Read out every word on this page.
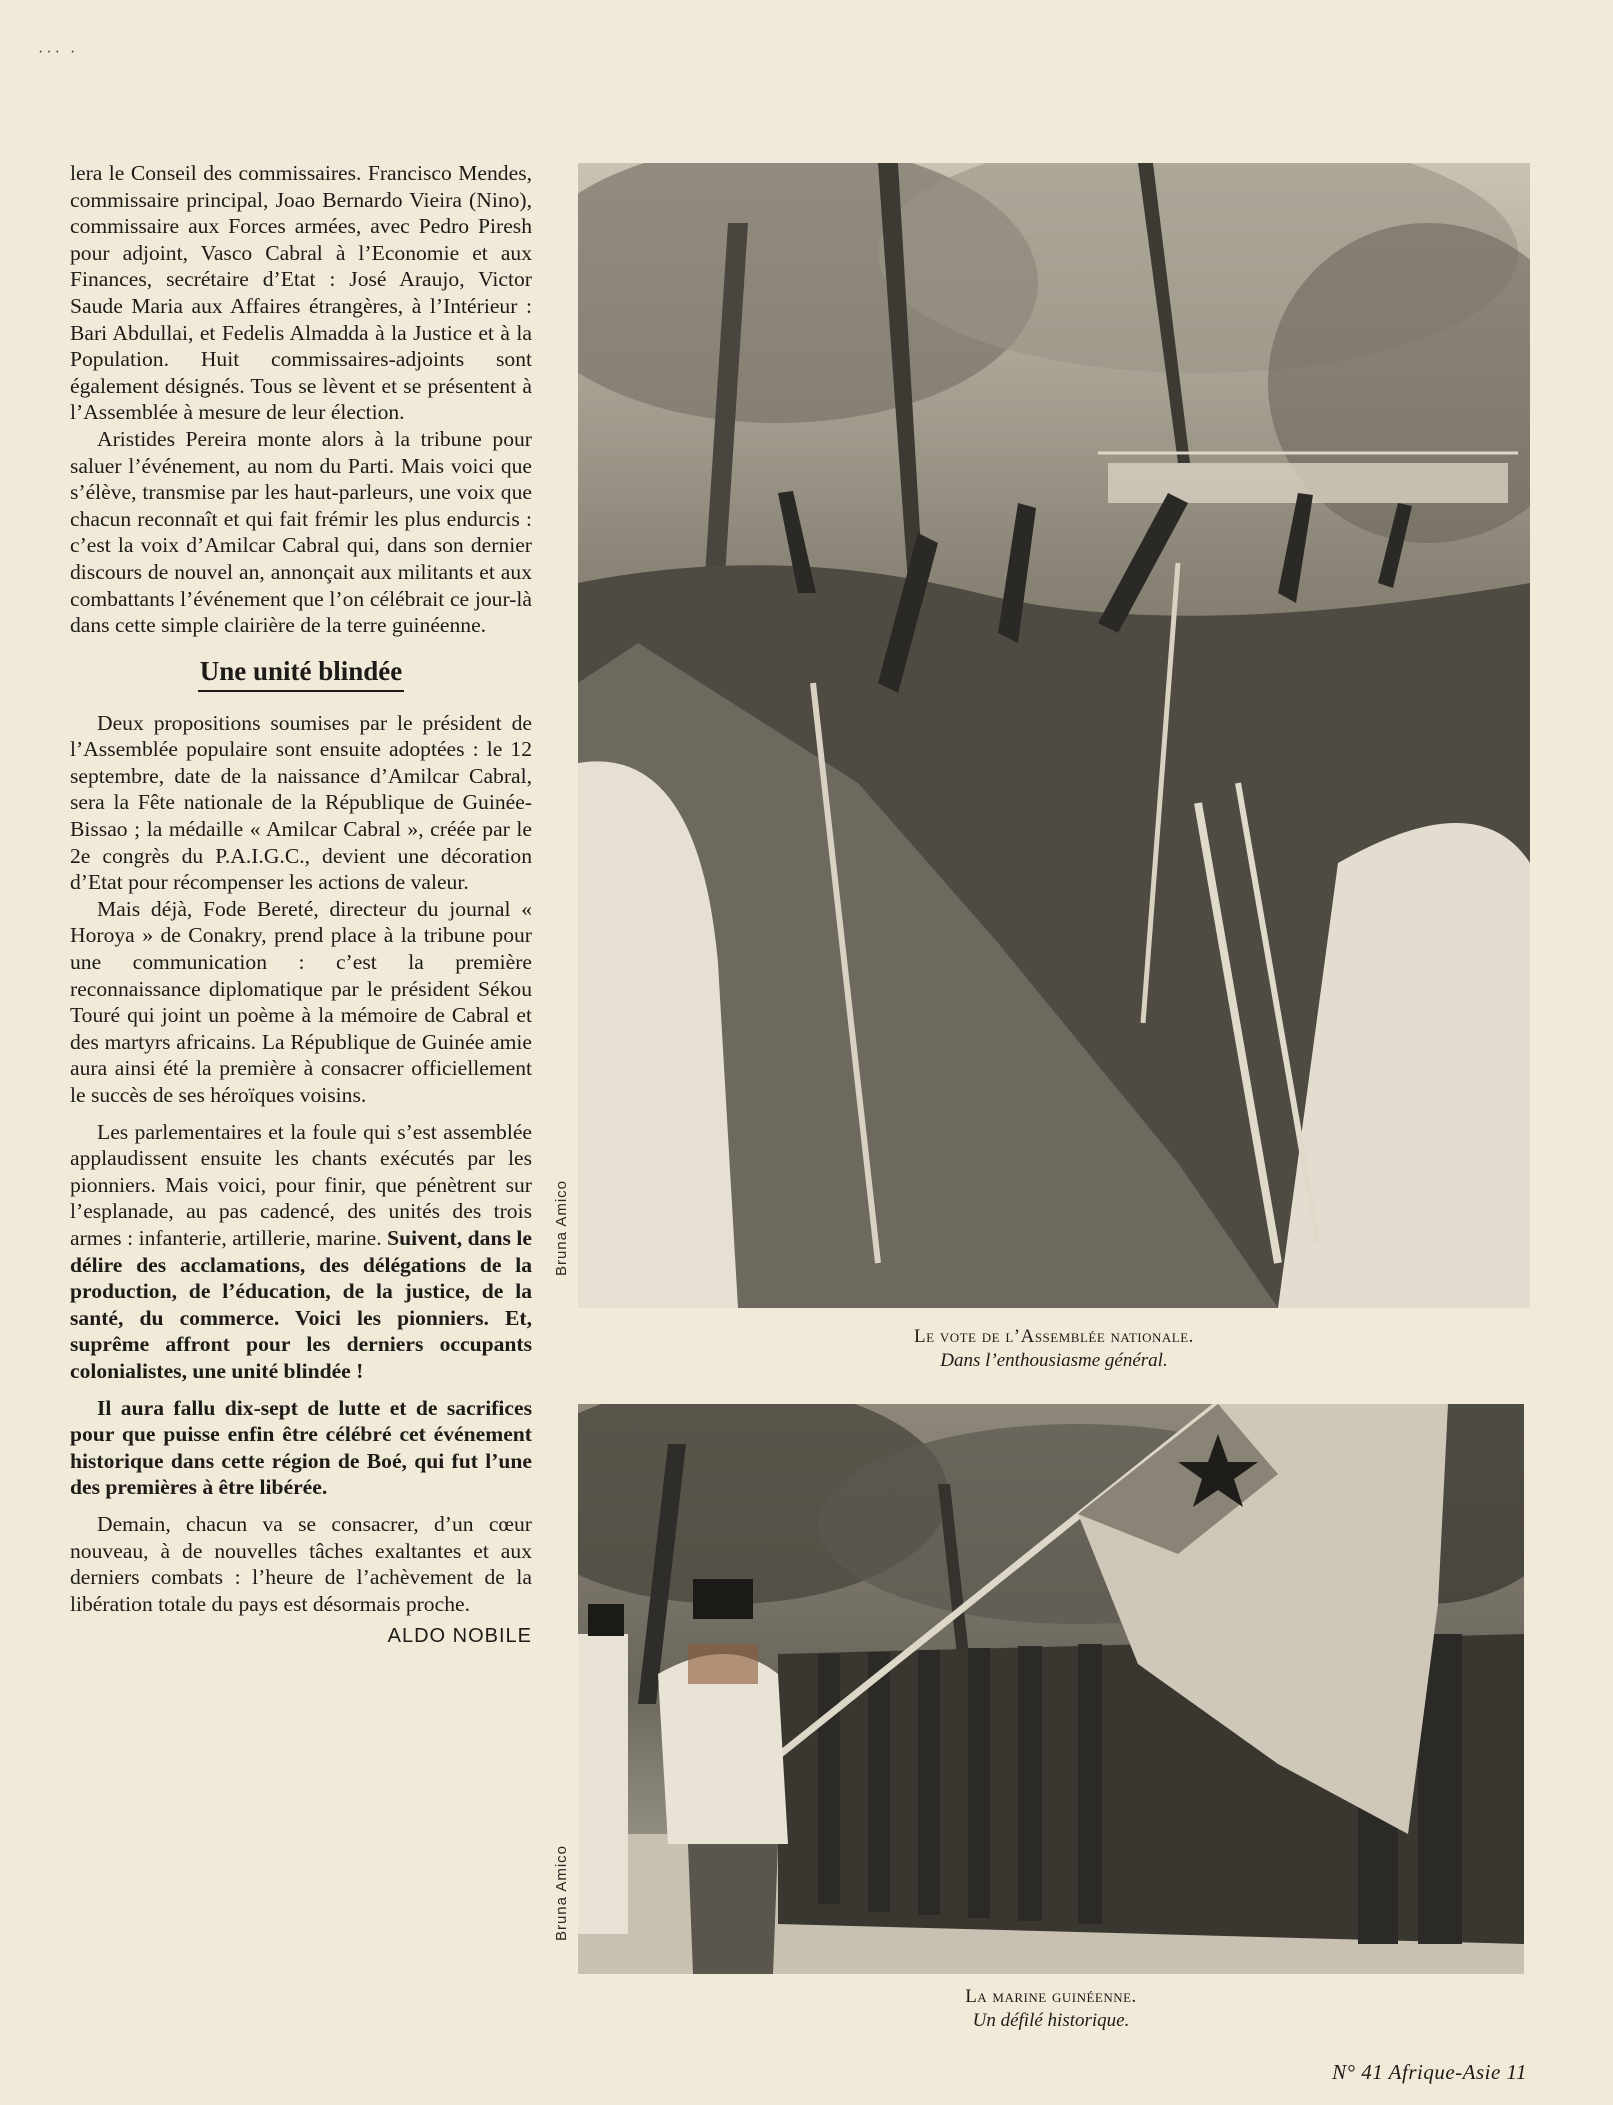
··· ·

lera le Conseil des commissaires. Francisco Mendes, commissaire principal, Joao Bernardo Vieira (Nino), commissaire aux Forces armées, avec Pedro Piresh pour adjoint, Vasco Cabral à l’Economie et aux Finances, secrétaire d’Etat : José Araujo, Victor Saude Maria aux Affaires étrangères, à l’Intérieur : Bari Abdullai, et Fedelis Almadda à la Justice et à la Population. Huit commissaires-adjoints sont également désignés. Tous se lèvent et se présentent à l’Assemblée à mesure de leur élection.

Aristides Pereira monte alors à la tribune pour saluer l’événement, au nom du Parti. Mais voici que s’élève, transmise par les haut-parleurs, une voix que chacun reconnaît et qui fait frémir les plus endurcis : c’est la voix d’Amilcar Cabral qui, dans son dernier discours de nouvel an, annonçait aux militants et aux combattants l’événement que l’on célébrait ce jour-là dans cette simple clairière de la terre guinéenne.

Une unité blindée

Deux propositions soumises par le président de l’Assemblée populaire sont ensuite adoptées : le 12 septembre, date de la naissance d’Amilcar Cabral, sera la Fête nationale de la République de Guinée-Bissao ; la médaille « Amilcar Cabral », créée par le 2e congrès du P.A.I.G.C., devient une décoration d’Etat pour récompenser les actions de valeur.

Mais déjà, Fode Bereté, directeur du journal « Horoya » de Conakry, prend place à la tribune pour une communication : c’est la première reconnaissance diplomatique par le président Sékou Touré qui joint un poème à la mémoire de Cabral et des martyrs africains. La République de Guinée amie aura ainsi été la première à consacrer officiellement le succès de ses héroïques voisins.

Les parlementaires et la foule qui s’est assemblée applaudissent ensuite les chants exécutés par les pionniers. Mais voici, pour finir, que pénètrent sur l’esplanade, au pas cadencé, des unités des trois armes : infanterie, artillerie, marine. Suivent, dans le délire des acclamations, des délégations de la production, de l’éducation, de la justice, de la santé, du commerce. Voici les pionniers. Et, suprême affront pour les derniers occupants colonialistes, une unité blindée !

Il aura fallu dix-sept de lutte et de sacrifices pour que puisse enfin être célébré cet événement historique dans cette région de Boé, qui fut l’une des premières à être libérée.

Demain, chacun va se consacrer, d’un cœur nouveau, à de nouvelles tâches exaltantes et aux derniers combats : l’heure de l’achèvement de la libération totale du pays est désormais proche.

ALDO NOBILE
Bruna Amico
Le vote de l’Assemblée nationale.
Dans l’enthousiasme général.
Bruna Amico
La marine guinéenne.
Un défilé historique.
N° 41 Afrique-Asie 11
